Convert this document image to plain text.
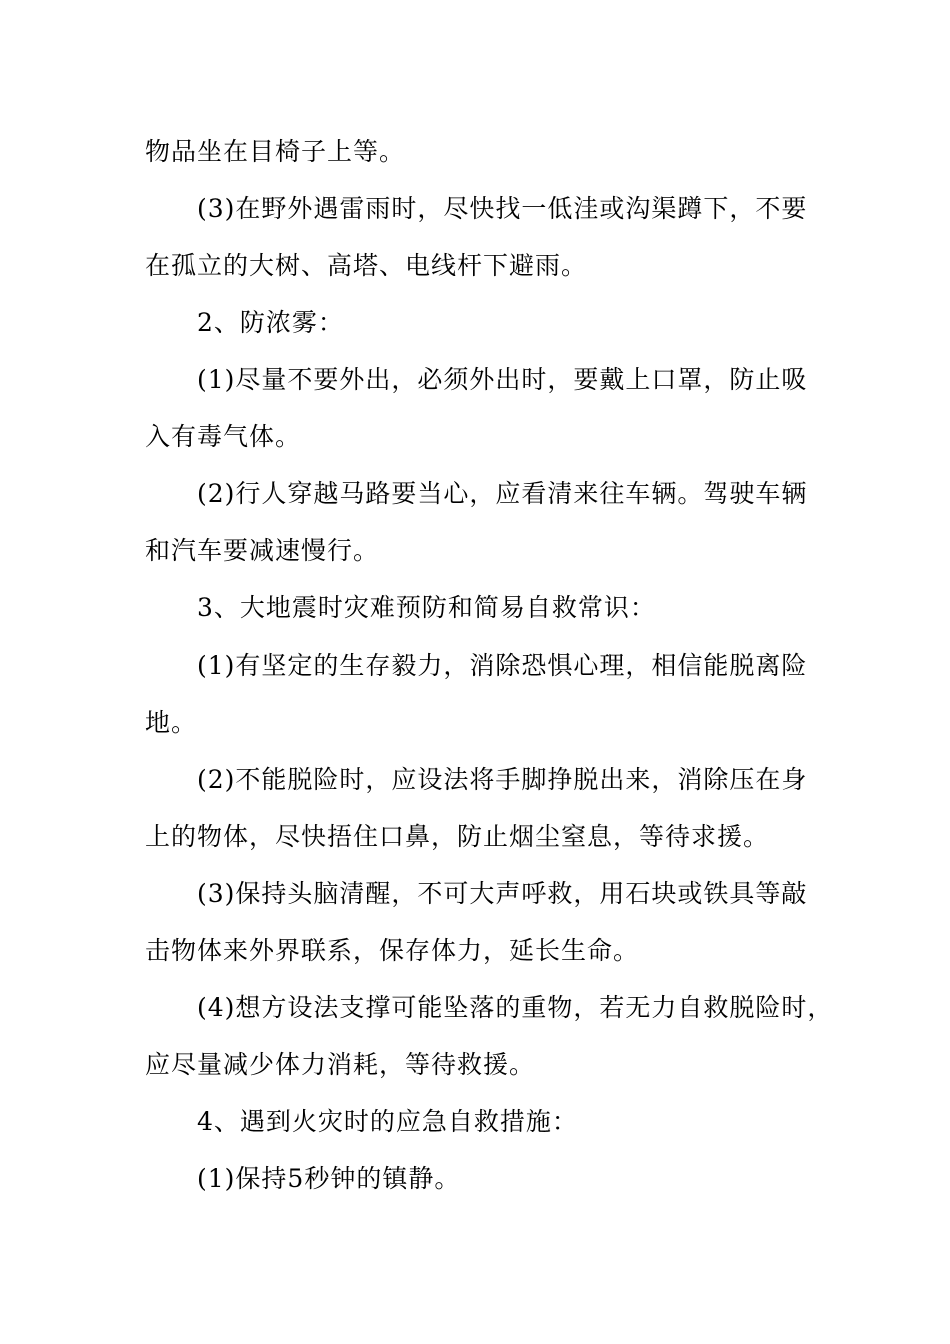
物品坐在目椅子上等。
(3)在野外遇雷雨时，尽快找一低洼或沟渠蹲下，不要
在孤立的大树、高塔、电线杆下避雨。
2、防浓雾：
(1)尽量不要外出，必须外出时，要戴上口罩，防止吸
入有毒气体。
(2)行人穿越马路要当心，应看清来往车辆。驾驶车辆
和汽车要减速慢行。
3、大地震时灾难预防和简易自救常识：
(1)有坚定的生存毅力，消除恐惧心理，相信能脱离险
地。
(2)不能脱险时，应设法将手脚挣脱出来，消除压在身
上的物体，尽快捂住口鼻，防止烟尘窒息，等待求援。
(3)保持头脑清醒，不可大声呼救，用石块或铁具等敲
击物体来外界联系，保存体力，延长生命。
(4)想方设法支撑可能坠落的重物，若无力自救脱险时，
应尽量减少体力消耗，等待救援。
4、遇到火灾时的应急自救措施：
(1)保持5秒钟的镇静。
